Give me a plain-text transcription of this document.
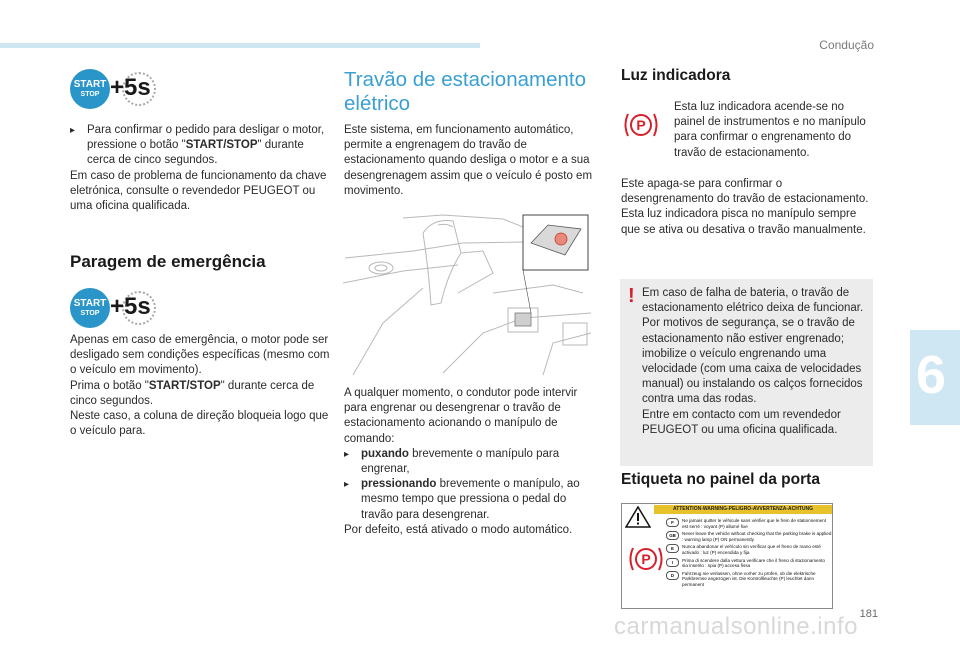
Condução
6
181
carmanualsonline.info
START
STOP +5s

▸ Para confirmar o pedido para desligar o motor, pressione o botão "START/STOP" durante cerca de cinco segundos.

Em caso de problema de funcionamento da chave eletrónica, consulte o revendedor PEUGEOT ou uma oficina qualificada.

Paragem de emergência
START
STOP +5s

Apenas em caso de emergência, o motor pode ser desligado sem condições específicas (mesmo com o veículo em movimento).

Prima o botão "START/STOP" durante cerca de cinco segundos.

Neste caso, a coluna de direção bloqueia logo que o veículo para.

Travão de estacionamento elétrico
Este sistema, em funcionamento automático, permite a engrenagem do travão de estacionamento quando desliga o motor e a sua desengrenagem assim que o veículo é posto em movimento.

A qualquer momento, o condutor pode intervir para engrenar ou desengrenar o travão de estacionamento acionando o manípulo de comando:

▸ puxando brevemente o manípulo para engrenar,

▸ pressionando brevemente o manípulo, ao mesmo tempo que pressiona o pedal do travão para desengrenar.

Por defeito, está ativado o modo automático.

Luz indicadora
P
Esta luz indicadora acende-se no painel de instrumentos e no manípulo para confirmar o engrenamento do travão de estacionamento.

Este apaga-se para confirmar o desengrenamento do travão de estacionamento.

Esta luz indicadora pisca no manípulo sempre que se ativa ou desativa o travão manualmente.

! Em caso de falha de bateria, o travão de estacionamento elétrico deixa de funcionar.

Por motivos de segurança, se o travão de estacionamento não estiver engrenado; imobilize o veículo engrenando uma velocidade (com uma caixa de velocidades manual) ou instalando os calços fornecidos contra uma das rodas.

Entre em contacto com um revendedor PEUGEOT ou uma oficina qualificada.

Etiqueta no painel da porta
ATTENTION-WARNING-PELIGRO-AVVERTENZA-ACHTUNG
P
F	Ne jamais quitter le véhicule sans vérifier que le frein de stationnement est serré : voyant (P) allumé fixe
GB	Never leave the vehicle without checking that the parking brake is applied : warning lamp (P) ON permanently
E	Nunca abandonar el vehículo sin verificar que el freno de mano esté activado : luz (P) encendida y fija
I	Prima di scendere dalla vettura verificare che il freno di stazionamento sia inserito : spia (P) accesa fissa
D	Fahrzeug nie verlassen, ohne vorher zu prüfen, ob die elektrische Parkbremse angezogen ist. Die Kontrollleuchte (P) leuchtet dann permanent
